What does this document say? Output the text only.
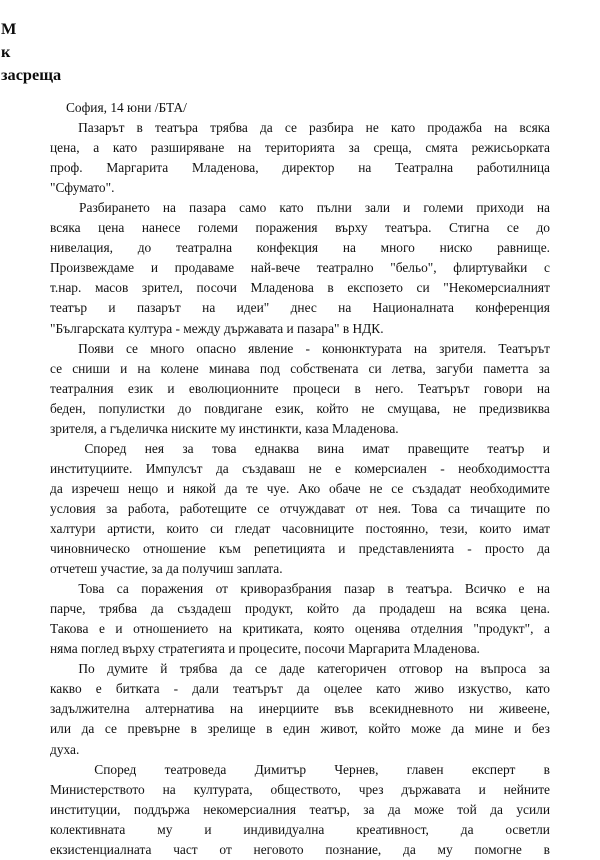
М
к
засреща

София, 14 юни /БТА/

Пазарът в театъра трябва да се разбира не като продажба на всяка
цена, а като разширяване на територията за среща, смята режисьорката
проф. Маргарита Младенова, директор на Театрална работилница
"Сфумато".

Разбирането на пазара само като пълни зали и големи приходи на
всяка цена нанесе големи поражения върху театъра. Стигна се до
нивелация, до театрална конфекция на много ниско равнище.
Произвеждаме и продаваме най-вече театрално "бельо", флиртувайки с
т.нар. масов зрител, посочи Младенова в експозето си "Некомерсиалният
театър и пазарът на идеи" днес на Националната конференция
"Българската култура - между държавата и пазара" в НДК.

Появи се много опасно явление - конюнктурата на зрителя. Театърът
се сниши и на колене минава под собствената си летва, загуби паметта за
театралния език и еволюционните процеси в него. Театърът говори на
беден, популистки до повдигане език, който не смущава, не предизвиква
зрителя, а гъделичка ниските му инстинкти, каза Младенова.

Според нея за това еднаква вина имат правещите театър и
институциите. Импулсът да създаваш не е комерсиален - необходимостта
да изречеш нещо и някой да те чуе. Ако обаче не се създадат необходимите
условия за работа, работещите се отчуждават от нея. Това са тичащите по
халтури артисти, които си гледат часовниците постоянно, тези, които имат
чиновническо отношение към репетицията и представленията - просто да
отчетеш участие, за да получиш заплата.

Това са поражения от криворазбрания пазар в театъра. Всичко е на
парче, трябва да създадеш продукт, който да продадеш на всяка цена.
Такова е и отношението на критиката, която оценява отделния "продукт", а
няма поглед върху стратегията и процесите, посочи Маргарита Младенова.

По думите й трябва да се даде категоричен отговор на въпроса за
какво е битката - дали театърът да оцелее като живо изкуство, като
задължителна алтернатива на инерциите във всекидневното ни живеене,
или да се превърне в зрелище в един живот, който може да мине и без
духа.

Според театроведа Димитър Чернев, главен експерт в
Министерството на културата, обществото, чрез държавата и нейните
институции, поддържа некомерсиалния театър, за да може той да усили
колективната му и индивидуална креативност, да осветли
екзистенциалната част от неговото познание, да му помогне в
